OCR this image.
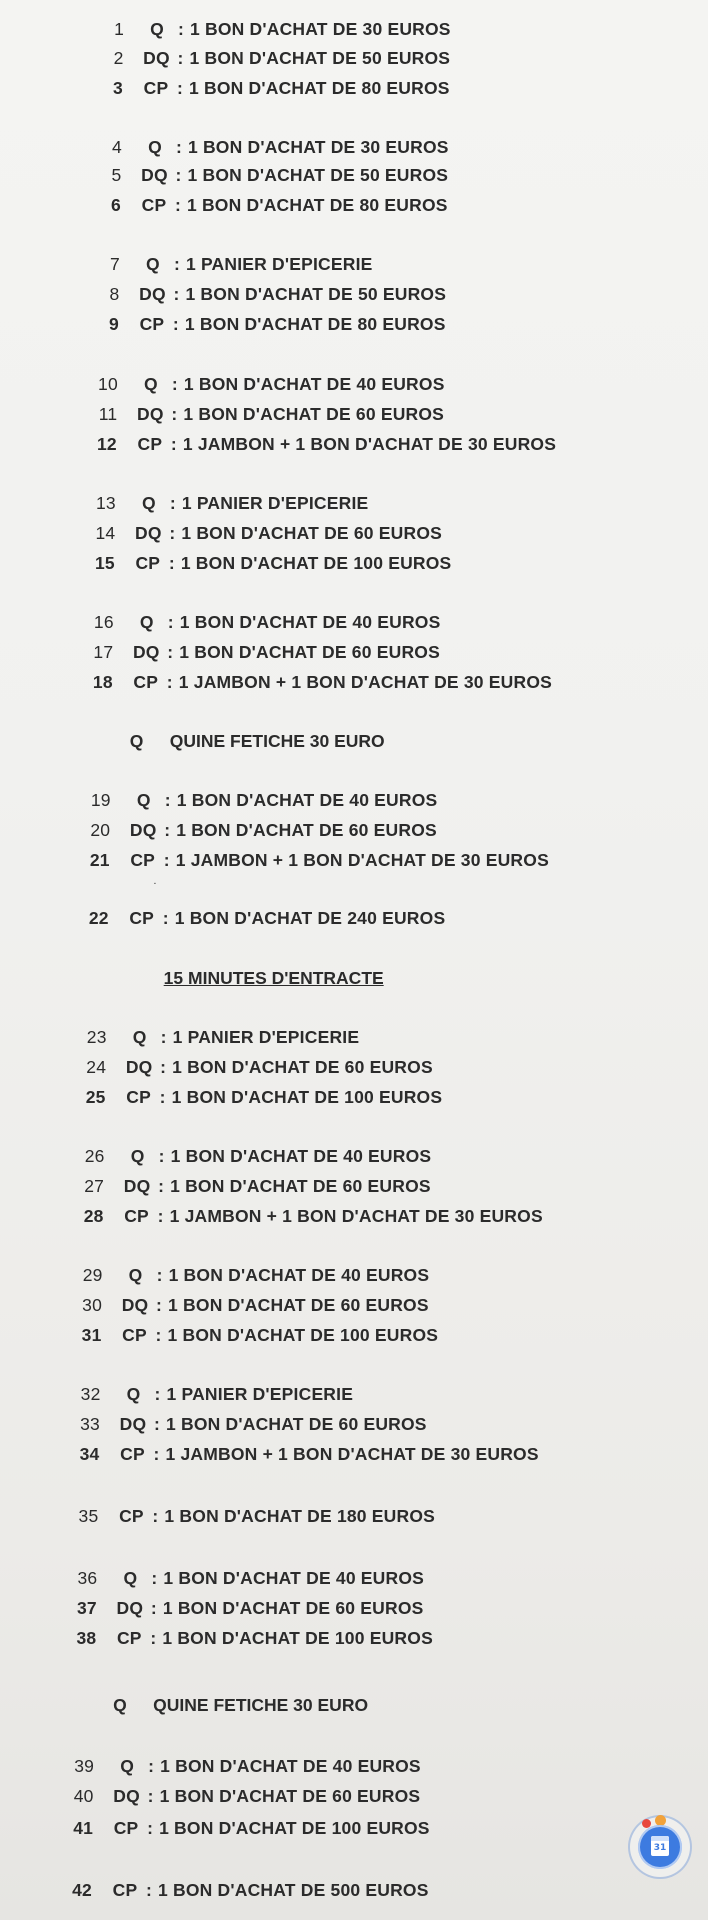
1	Q : 1 BON D'ACHAT DE 30 EUROS
2 DQ : 1 BON D'ACHAT DE 50 EUROS
3 CP : 1 BON D'ACHAT DE 80 EUROS
4	Q : 1 BON D'ACHAT DE 30 EUROS
5 DQ : 1 BON D'ACHAT DE 50 EUROS
6 CP : 1 BON D'ACHAT DE 80 EUROS
7	Q : 1 PANIER D'EPICERIE
8 DQ : 1 BON D'ACHAT DE 50 EUROS
9 CP : 1 BON D'ACHAT DE 80 EUROS
10	Q : 1 BON D'ACHAT DE 40 EUROS
11 DQ : 1 BON D'ACHAT DE 60 EUROS
12 CP : 1 JAMBON + 1 BON D'ACHAT DE 30 EUROS
13	Q : 1 PANIER D'EPICERIE
14 DQ : 1 BON D'ACHAT DE 60 EUROS
15 CP : 1 BON D'ACHAT DE 100 EUROS
16	Q : 1 BON D'ACHAT DE 40 EUROS
17 DQ : 1 BON D'ACHAT DE 60 EUROS
18 CP : 1 JAMBON + 1 BON D'ACHAT DE 30 EUROS
19	Q : 1 BON D'ACHAT DE 40 EUROS
20 DQ : 1 BON D'ACHAT DE 60 EUROS
21 CP : 1 JAMBON + 1 BON D'ACHAT DE 30 EUROS
22 CP : 1 BON D'ACHAT DE 240 EUROS
23	Q : 1 PANIER D'EPICERIE
24 DQ : 1 BON D'ACHAT DE 60 EUROS
25 CP : 1 BON D'ACHAT DE 100 EUROS
26	Q : 1 BON D'ACHAT DE 40 EUROS
27 DQ : 1 BON D'ACHAT DE 60 EUROS
28 CP : 1 JAMBON + 1 BON D'ACHAT DE 30 EUROS
29	Q : 1 BON D'ACHAT DE 40 EUROS
30 DQ : 1 BON D'ACHAT DE 60 EUROS
31 CP : 1 BON D'ACHAT DE 100 EUROS
32	Q : 1 PANIER D'EPICERIE
33 DQ : 1 BON D'ACHAT DE 60 EUROS
34 CP : 1 JAMBON + 1 BON D'ACHAT DE 30 EUROS
35 CP : 1 BON D'ACHAT DE 180 EUROS
36	Q : 1 BON D'ACHAT DE 40 EUROS
37 DQ : 1 BON D'ACHAT DE 60 EUROS
38 CP : 1 BON D'ACHAT DE 100 EUROS
39	Q : 1 BON D'ACHAT DE 40 EUROS
40 DQ : 1 BON D'ACHAT DE 60 EUROS
41 CP : 1 BON D'ACHAT DE 100 EUROS
42 CP : 1 BON D'ACHAT DE 500 EUROS
Q QUINE FETICHE 30 EURO
Q QUINE FETICHE 30 EURO
15 MINUTES D'ENTRACTE
˙
31
